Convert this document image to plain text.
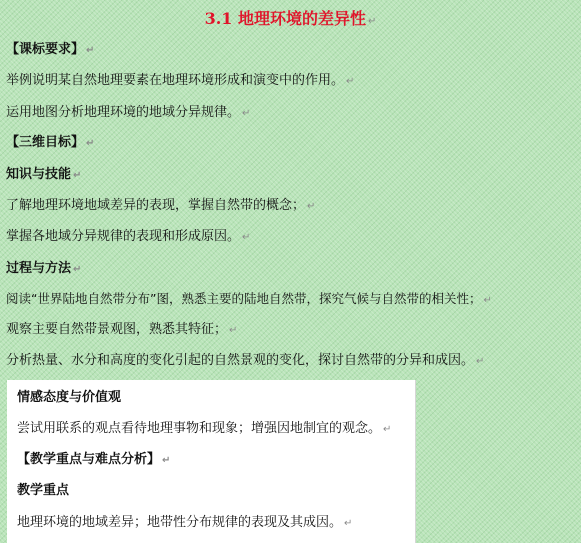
3.1 地理环境的差异性 ↵
【课标要求】 ↵
举例说明某自然地理要素在地理环境形成和演变中的作用。 ↵
运用地图分析地理环境的地域分异规律。 ↵
【三维目标】 ↵
知识与技能 ↵
了解地理环境地域差异的表现，掌握自然带的概念； ↵
掌握各地域分异规律的表现和形成原因。 ↵
过程与方法 ↵
阅读“世界陆地自然带分布”图，熟悉主要的陆地自然带，探究气候与自然带的相关性； ↵
观察主要自然带景观图，熟悉其特征； ↵
分析热量、水分和高度的变化引起的自然景观的变化，探讨自然带的分异和成因。 ↵
情感态度与价值观
尝试用联系的观点看待地理事物和现象；增强因地制宜的观念。 ↵
【教学重点与难点分析】 ↵
教学重点
地理环境的地域差异；地带性分布规律的表现及其成因。 ↵
